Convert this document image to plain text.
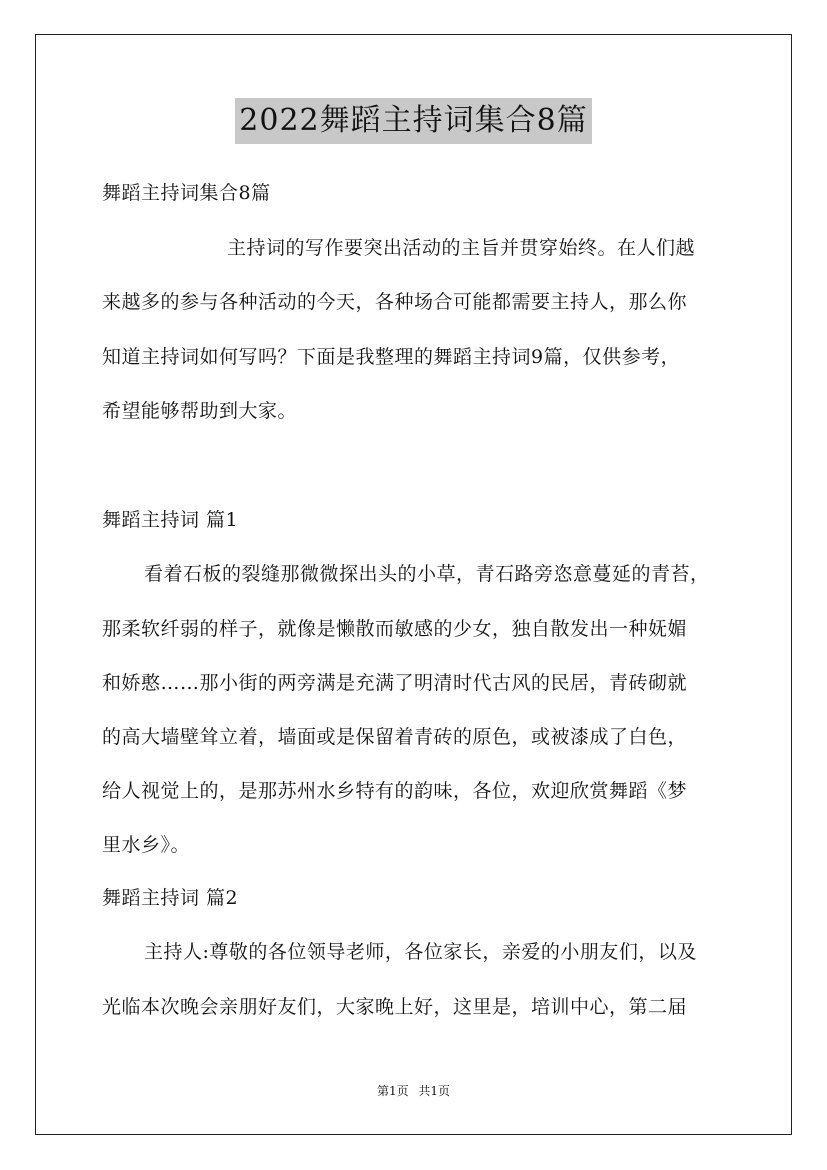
2022舞蹈主持词集合8篇
舞蹈主持词集合8篇
主持词的写作要突出活动的主旨并贯穿始终。在人们越
来越多的参与各种活动的今天，各种场合可能都需要主持人，那么你
知道主持词如何写吗？下面是我整理的舞蹈主持词9篇，仅供参考，
希望能够帮助到大家。
舞蹈主持词 篇1
看着石板的裂缝那微微探出头的小草，青石路旁恣意蔓延的青苔，
那柔软纤弱的样子，就像是懒散而敏感的少女，独自散发出一种妩媚
和娇憨……那小街的两旁满是充满了明清时代古风的民居，青砖砌就
的高大墙壁耸立着，墙面或是保留着青砖的原色，或被漆成了白色，
给人视觉上的，是那苏州水乡特有的韵味，各位，欢迎欣赏舞蹈《梦
里水乡》。
舞蹈主持词 篇2
主持人:尊敬的各位领导老师，各位家长，亲爱的小朋友们，以及
光临本次晚会亲朋好友们，大家晚上好，这里是，培训中心，第二届
第1页 共1页
